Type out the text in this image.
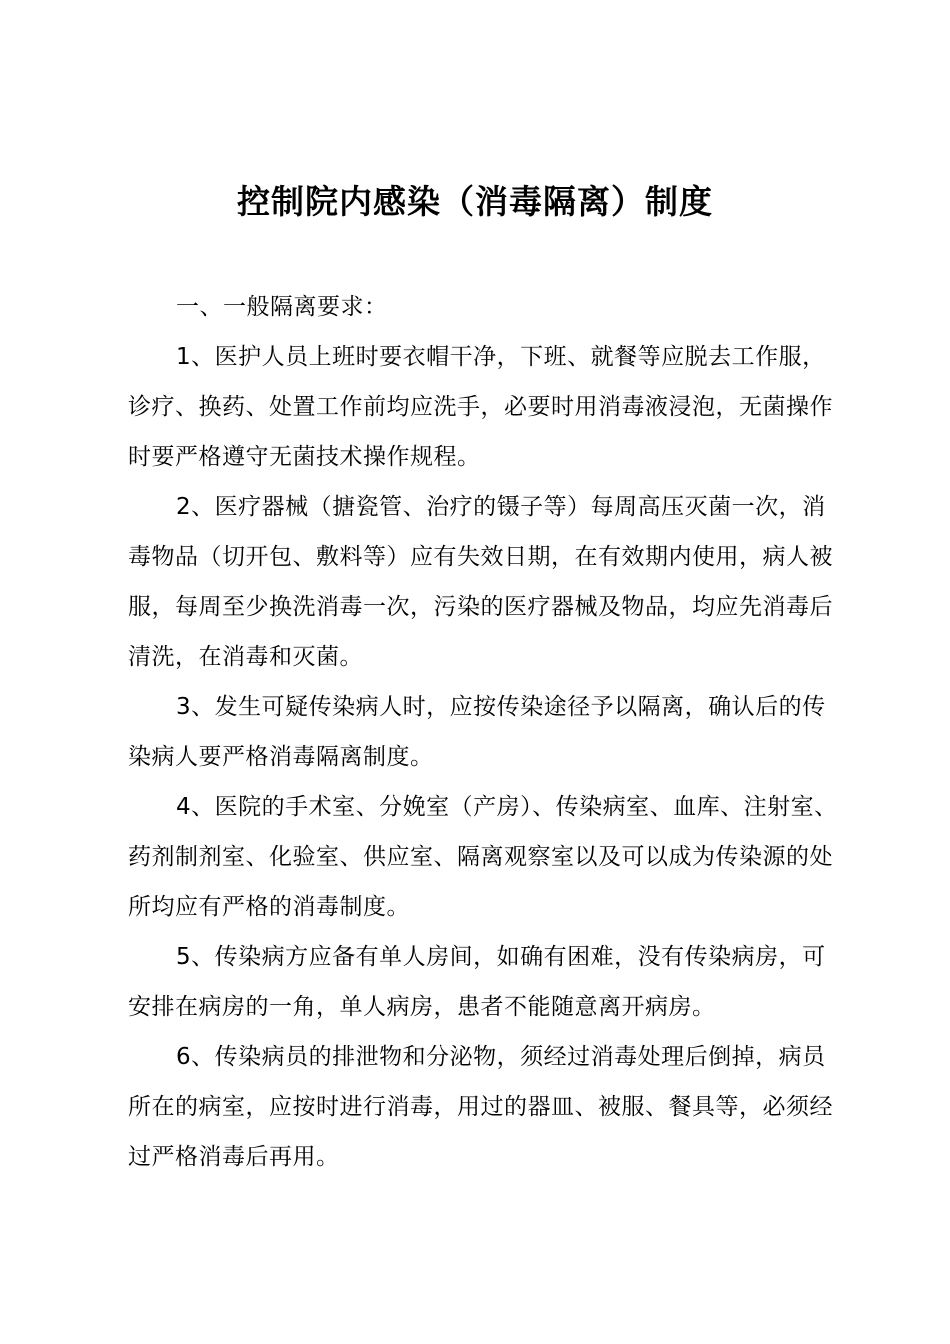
控制院内感染（消毒隔离）制度

一、一般隔离要求：

1、医护人员上班时要衣帽干净，下班、就餐等应脱去工作服，诊疗、换药、处置工作前均应洗手，必要时用消毒液浸泡，无菌操作时要严格遵守无菌技术操作规程。

2、医疗器械（搪瓷管、治疗的镊子等）每周高压灭菌一次，消毒物品（切开包、敷料等）应有失效日期，在有效期内使用，病人被服，每周至少换洗消毒一次，污染的医疗器械及物品，均应先消毒后清洗，在消毒和灭菌。

3、发生可疑传染病人时，应按传染途径予以隔离，确认后的传染病人要严格消毒隔离制度。

4、医院的手术室、分娩室（产房）、传染病室、血库、注射室、药剂制剂室、化验室、供应室、隔离观察室以及可以成为传染源的处所均应有严格的消毒制度。

5、传染病方应备有单人房间，如确有困难，没有传染病房，可安排在病房的一角，单人病房，患者不能随意离开病房。

6、传染病员的排泄物和分泌物，须经过消毒处理后倒掉，病员所在的病室，应按时进行消毒，用过的器皿、被服、餐具等，必须经过严格消毒后再用。
